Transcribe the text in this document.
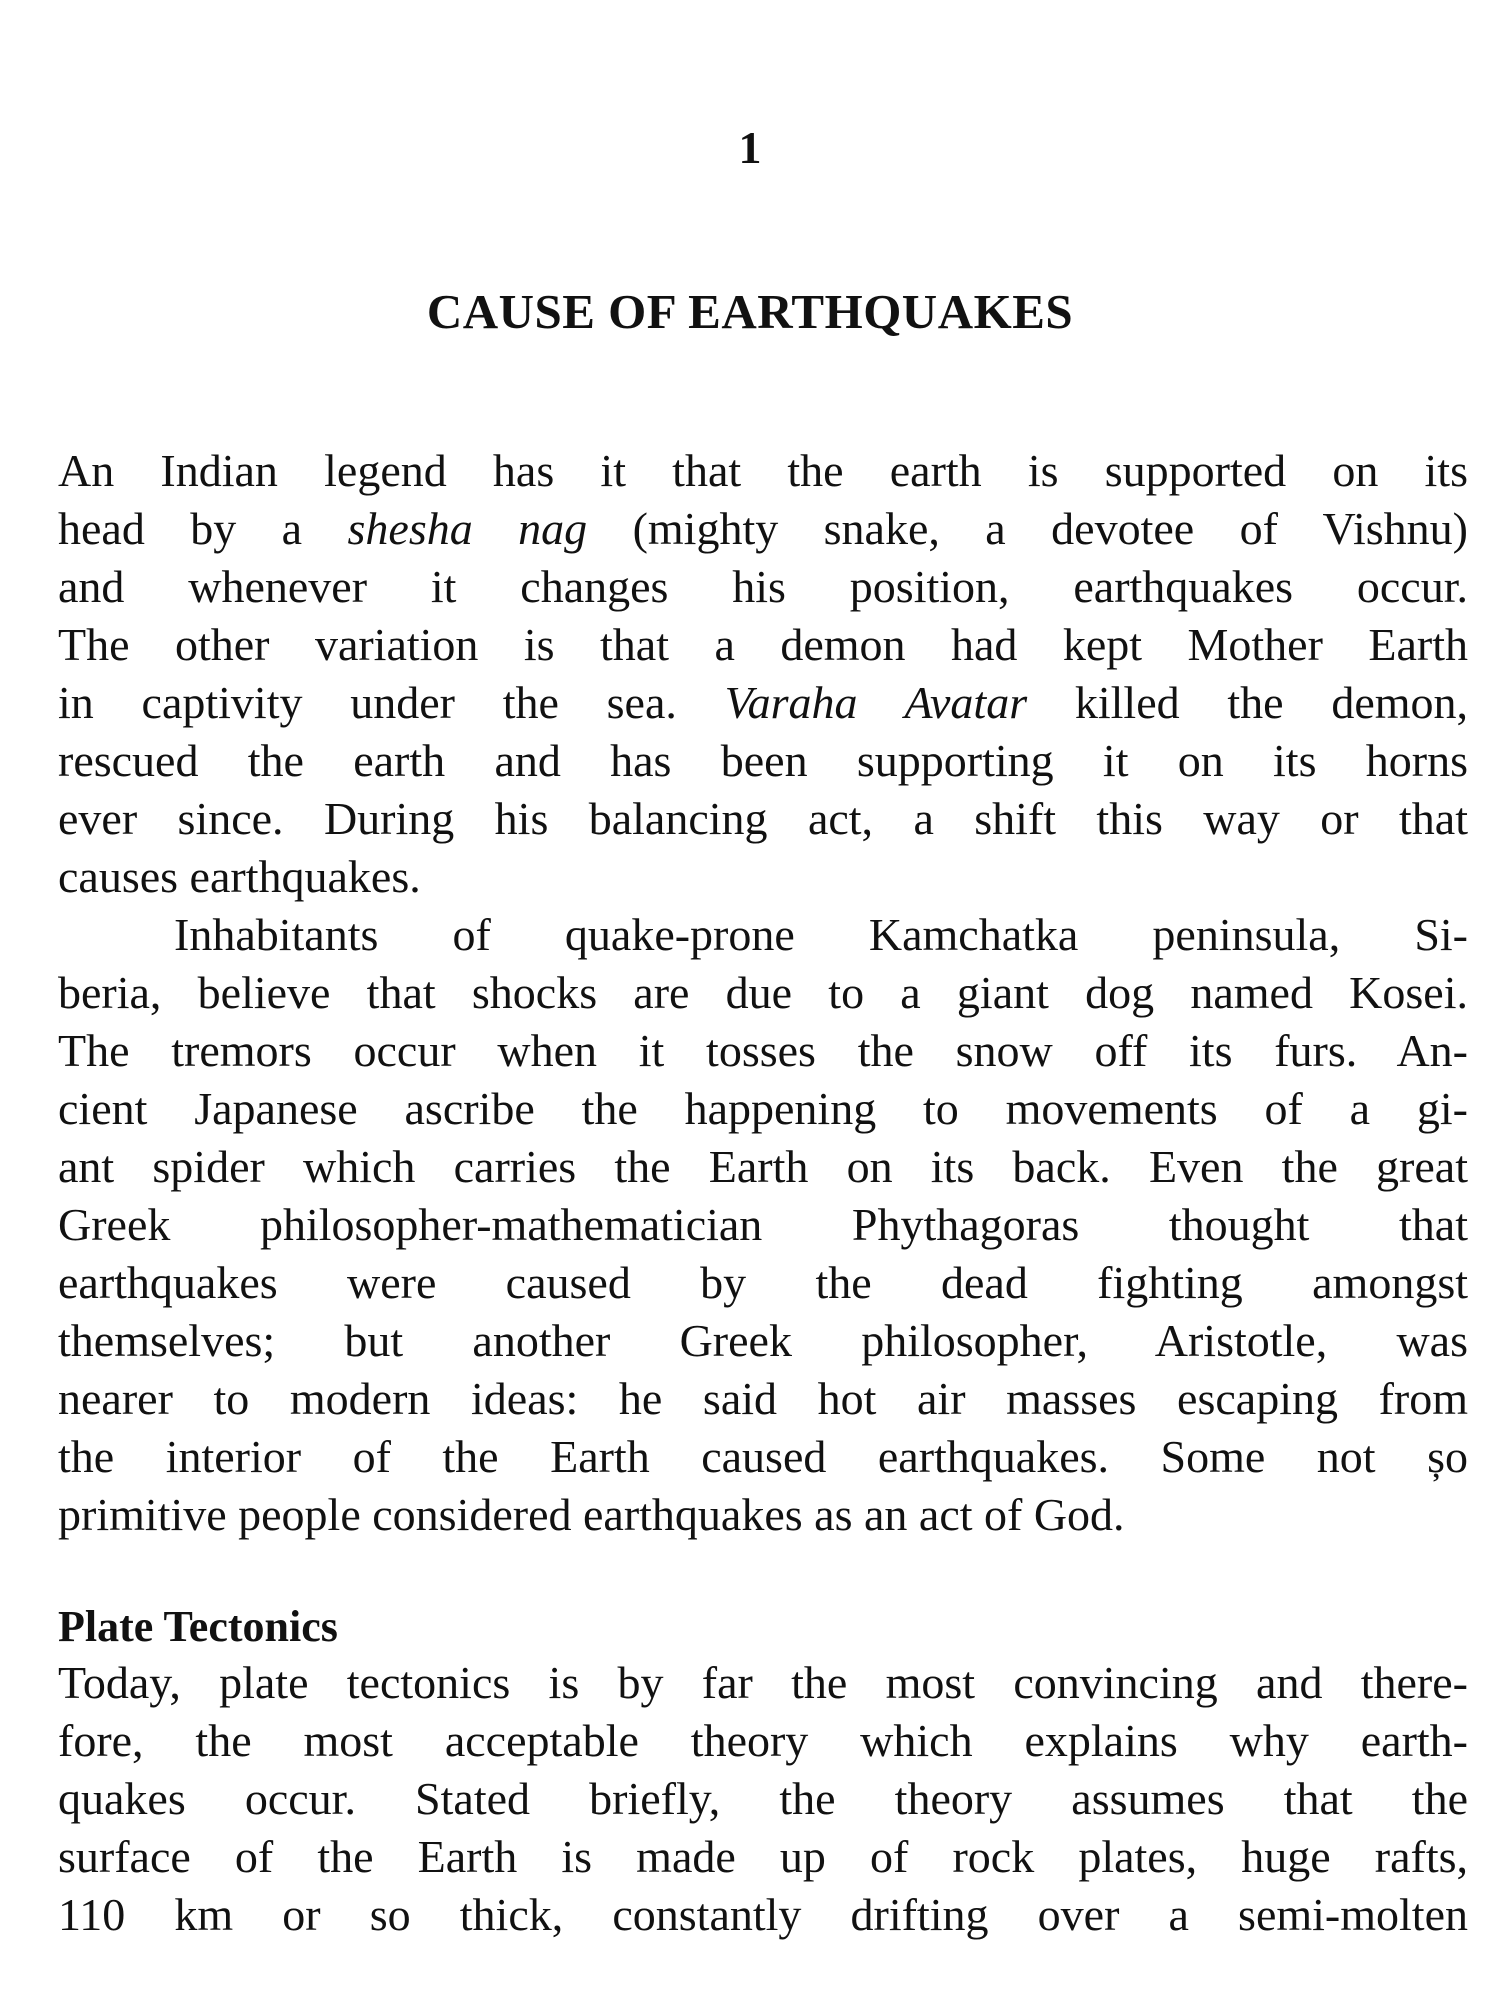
1
CAUSE OF EARTHQUAKES
An Indian legend has it that the earth is supported on its
head by a shesha nag (mighty snake, a devotee of Vishnu)
and whenever it changes his position, earthquakes occur.
The other variation is that a demon had kept Mother Earth
in captivity under the sea. Varaha Avatar killed the demon,
rescued the earth and has been supporting it on its horns
ever since. During his balancing act, a shift this way or that
causes earthquakes.
Inhabitants of quake-prone Kamchatka peninsula, Si-
beria, believe that shocks are due to a giant dog named Kosei.
The tremors occur when it tosses the snow off its furs. An-
cient Japanese ascribe the happening to movements of a gi-
ant spider which carries the Earth on its back. Even the great
Greek philosopher-mathematician Phythagoras thought that
earthquakes were caused by the dead fighting amongst
themselves; but another Greek philosopher, Aristotle, was
nearer to modern ideas: he said hot air masses escaping from
the interior of the Earth caused earthquakes. Some not șo
primitive people considered earthquakes as an act of God.
Plate Tectonics
Today, plate tectonics is by far the most convincing and there-
fore, the most acceptable theory which explains why earth-
quakes occur. Stated briefly, the theory assumes that the
surface of the Earth is made up of rock plates, huge rafts,
110 km or so thick, constantly drifting over a semi-molten
